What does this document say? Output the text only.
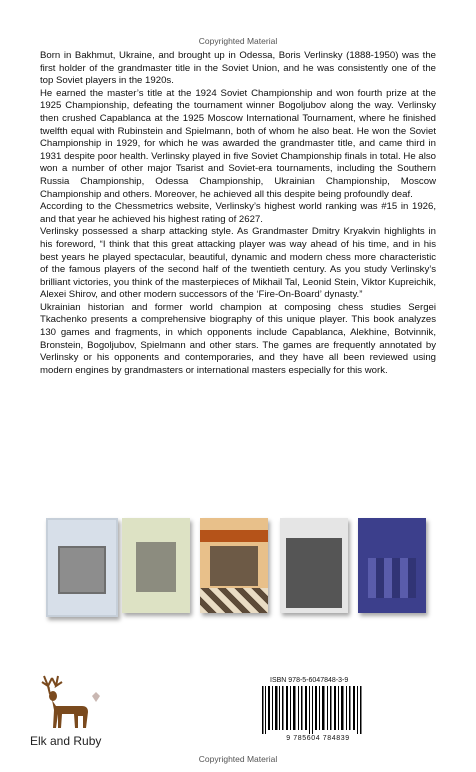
Copyrighted Material

Born in Bakhmut, Ukraine, and brought up in Odessa, Boris Verlinsky (1888-1950) was the first holder of the grandmaster title in the Soviet Union, and he was consistently one of the top Soviet players in the 1920s.

He earned the master’s title at the 1924 Soviet Championship and won fourth prize at the 1925 Championship, defeating the tournament winner Bogoljubov along the way. Verlinsky then crushed Capablanca at the 1925 Moscow International Tournament, where he finished twelfth equal with Rubinstein and Spielmann, both of whom he also beat. He won the Soviet Championship in 1929, for which he was awarded the grandmaster title, and came third in 1931 despite poor health. Verlinsky played in five Soviet Championship finals in total. He also won a number of other major Tsarist and Soviet-era tournaments, including the Southern Russia Championship, Odessa Championship, Ukrainian Championship, Moscow Championship and others. Moreover, he achieved all this despite being profoundly deaf.

According to the Chessmetrics website, Verlinsky’s highest world ranking was #15 in 1926, and that year he achieved his highest rating of 2627.

Verlinsky possessed a sharp attacking style. As Grandmaster Dmitry Kryakvin highlights in his foreword, “I think that this great attacking player was way ahead of his time, and in his best years he played spectacular, beautiful, dynamic and modern chess more characteristic of the famous players of the second half of the twentieth century. As you study Verlinsky’s brilliant victories, you think of the masterpieces of Mikhail Tal, Leonid Stein, Viktor Kupreichik, Alexei Shirov, and other modern successors of the ‘Fire-On-Board’ dynasty.”

Ukrainian historian and former world champion at composing chess studies Sergei Tkachenko presents a comprehensive biography of this unique player. This book analyzes 130 games and fragments, in which opponents include Capablanca, Alekhine, Botvinnik, Bronstein, Bogoljubov, Spielmann and other stars. The games are frequently annotated by Verlinsky or his opponents and contemporaries, and they have all been reviewed using modern engines by grandmasters or international masters especially for this work.

Elk and Ruby
ISBN 978-5-6047848-3-9
9 785604 784839
Copyrighted Material
